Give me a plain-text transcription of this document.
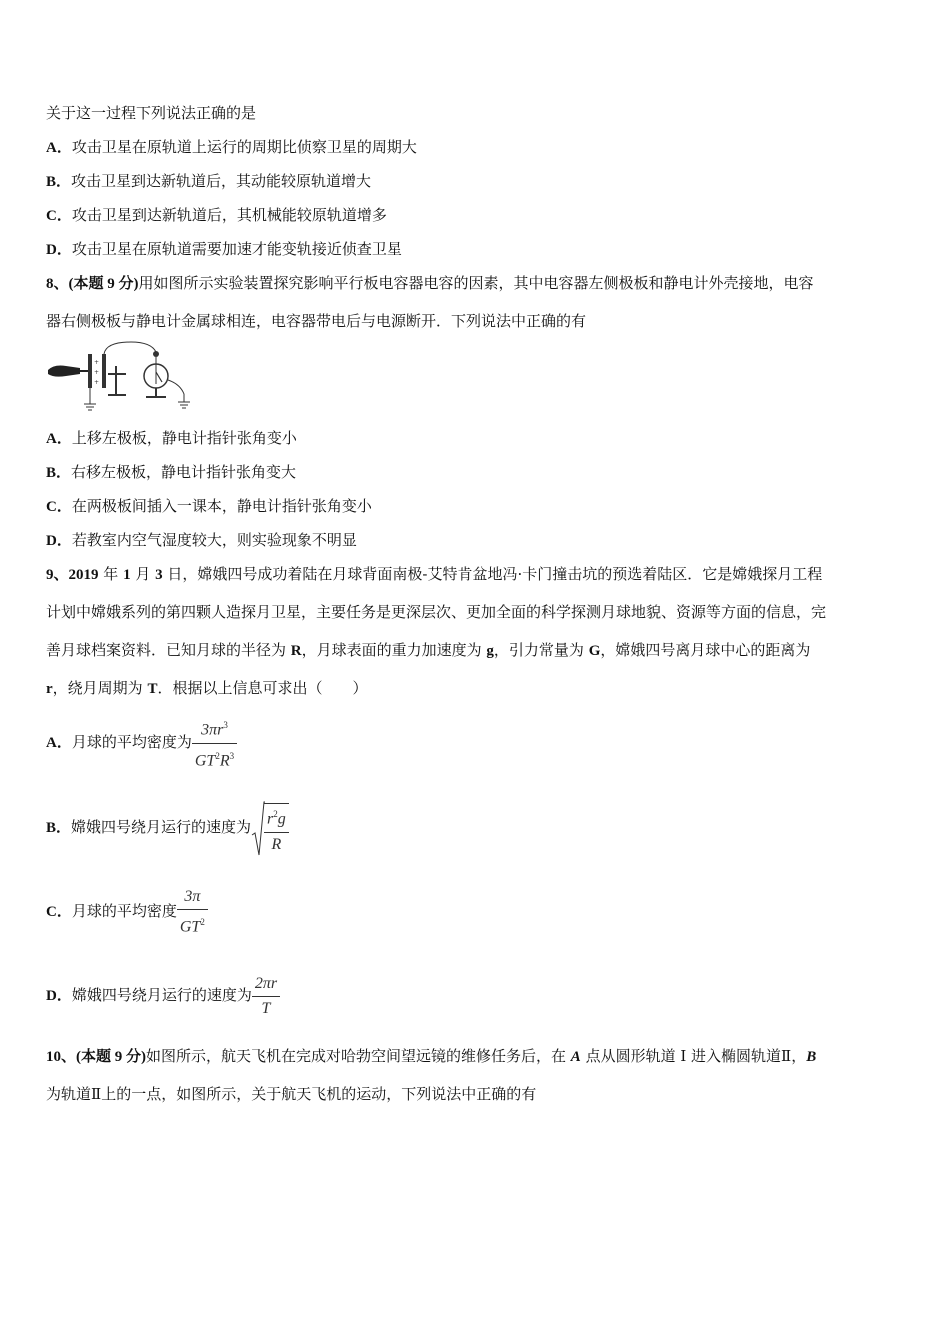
关于这一过程下列说法正确的是
A．攻击卫星在原轨道上运行的周期比侦察卫星的周期大
B．攻击卫星到达新轨道后，其动能较原轨道增大
C．攻击卫星到达新轨道后，其机械能较原轨道增多
D．攻击卫星在原轨道需要加速才能变轨接近侦查卫星
8、(本题 9 分)用如图所示实验装置探究影响平行板电容器电容的因素，其中电容器左侧极板和静电计外壳接地，电容
器右侧极板与静电计金属球相连，电容器带电后与电源断开．下列说法中正确的有
+
+
+
A．上移左极板，静电计指针张角变小
B．右移左极板，静电计指针张角变大
C．在两极板间插入一课本，静电计指针张角变小
D．若教室内空气湿度较大，则实验现象不明显
9、2019 年 1 月 3 日，嫦娥四号成功着陆在月球背面南极-艾特肯盆地冯·卡门撞击坑的预选着陆区．它是嫦娥探月工程
计划中嫦娥系列的第四颗人造探月卫星，主要任务是更深层次、更加全面的科学探测月球地貌、资源等方面的信息，完
善月球档案资料．已知月球的半径为 R，月球表面的重力加速度为 g，引力常量为 G，嫦娥四号离月球中心的距离为
r，绕月周期为 T．根据以上信息可求出（　　）
A．月球的平均密度为 $\frac{3\pi r^3}{GT^2R^3}$
B．嫦娥四号绕月运行的速度为 $\frac{r^2g}{R}$
C．月球的平均密度 $\frac{3\pi}{GT^2}$
D．嫦娥四号绕月运行的速度为 $\frac{2\pi r}{T}$
10、(本题 9 分)如图所示，航天飞机在完成对哈勃空间望远镜的维修任务后，在 A 点从圆形轨道 Ⅰ 进入椭圆轨道Ⅱ，B
为轨道Ⅱ上的一点，如图所示，关于航天飞机的运动，下列说法中正确的有
